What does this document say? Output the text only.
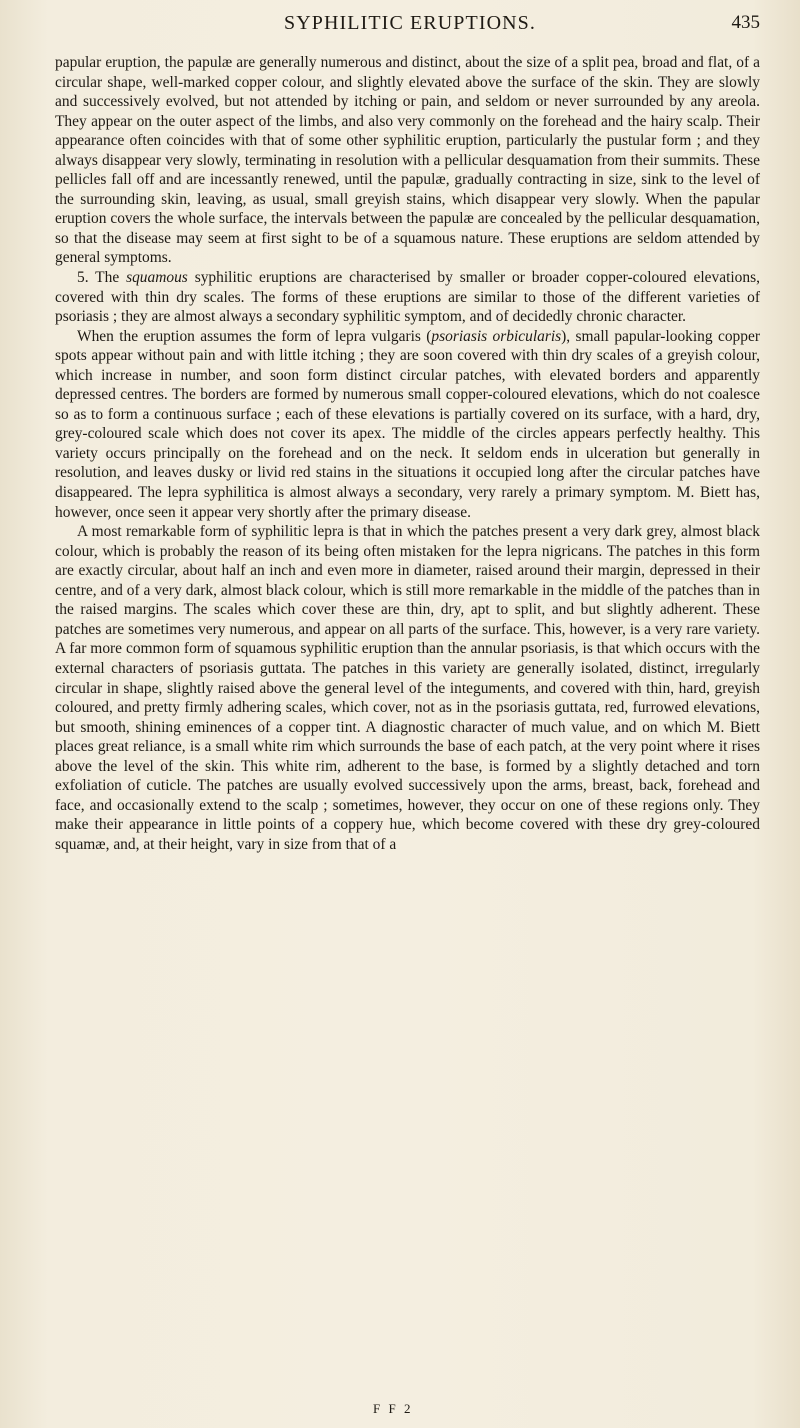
SYPHILITIC ERUPTIONS.	435

papular eruption, the papulæ are generally numerous and distinct, about the size of a split pea, broad and flat, of a circular shape, well-marked copper colour, and slightly elevated above the surface of the skin. They are slowly and successively evolved, but not attended by itching or pain, and seldom or never surrounded by any areola. They appear on the outer aspect of the limbs, and also very commonly on the forehead and the hairy scalp. Their appearance often coincides with that of some other syphilitic eruption, particularly the pustular form ; and they always disappear very slowly, terminating in resolution with a pellicular desquamation from their summits. These pellicles fall off and are incessantly renewed, until the papulæ, gradually contracting in size, sink to the level of the surrounding skin, leaving, as usual, small greyish stains, which disappear very slowly. When the papular eruption covers the whole surface, the intervals between the papulæ are concealed by the pellicular desquamation, so that the disease may seem at first sight to be of a squamous nature. These eruptions are seldom attended by general symptoms.

5. The squamous syphilitic eruptions are characterised by smaller or broader copper-coloured elevations, covered with thin dry scales. The forms of these eruptions are similar to those of the different varieties of psoriasis ; they are almost always a secondary syphilitic symptom, and of decidedly chronic character.

When the eruption assumes the form of lepra vulgaris (psoriasis orbicularis), small papular-looking copper spots appear without pain and with little itching ; they are soon covered with thin dry scales of a greyish colour, which increase in number, and soon form distinct circular patches, with elevated borders and apparently depressed centres. The borders are formed by numerous small copper-coloured elevations, which do not coalesce so as to form a continuous surface ; each of these elevations is partially covered on its surface, with a hard, dry, grey-coloured scale which does not cover its apex. The middle of the circles appears perfectly healthy. This variety occurs principally on the forehead and on the neck. It seldom ends in ulceration but generally in resolution, and leaves dusky or livid red stains in the situations it occupied long after the circular patches have disappeared. The lepra syphilitica is almost always a secondary, very rarely a primary symptom. M. Biett has, however, once seen it appear very shortly after the primary disease.

A most remarkable form of syphilitic lepra is that in which the patches present a very dark grey, almost black colour, which is probably the reason of its being often mistaken for the lepra nigricans. The patches in this form are exactly circular, about half an inch and even more in diameter, raised around their margin, depressed in their centre, and of a very dark, almost black colour, which is still more remarkable in the middle of the patches than in the raised margins. The scales which cover these are thin, dry, apt to split, and but slightly adherent. These patches are sometimes very numerous, and appear on all parts of the surface. This, however, is a very rare variety. A far more common form of squamous syphilitic eruption than the annular psoriasis, is that which occurs with the external characters of psoriasis guttata. The patches in this variety are generally isolated, distinct, irregularly circular in shape, slightly raised above the general level of the integuments, and covered with thin, hard, greyish coloured, and pretty firmly adhering scales, which cover, not as in the psoriasis guttata, red, furrowed elevations, but smooth, shining eminences of a copper tint. A diagnostic character of much value, and on which M. Biett places great reliance, is a small white rim which surrounds the base of each patch, at the very point where it rises above the level of the skin. This white rim, adherent to the base, is formed by a slightly detached and torn exfoliation of cuticle. The patches are usually evolved successively upon the arms, breast, back, forehead and face, and occasionally extend to the scalp ; sometimes, however, they occur on one of these regions only. They make their appearance in little points of a coppery hue, which become covered with these dry grey-coloured squamæ, and, at their height, vary in size from that of a

F F 2
